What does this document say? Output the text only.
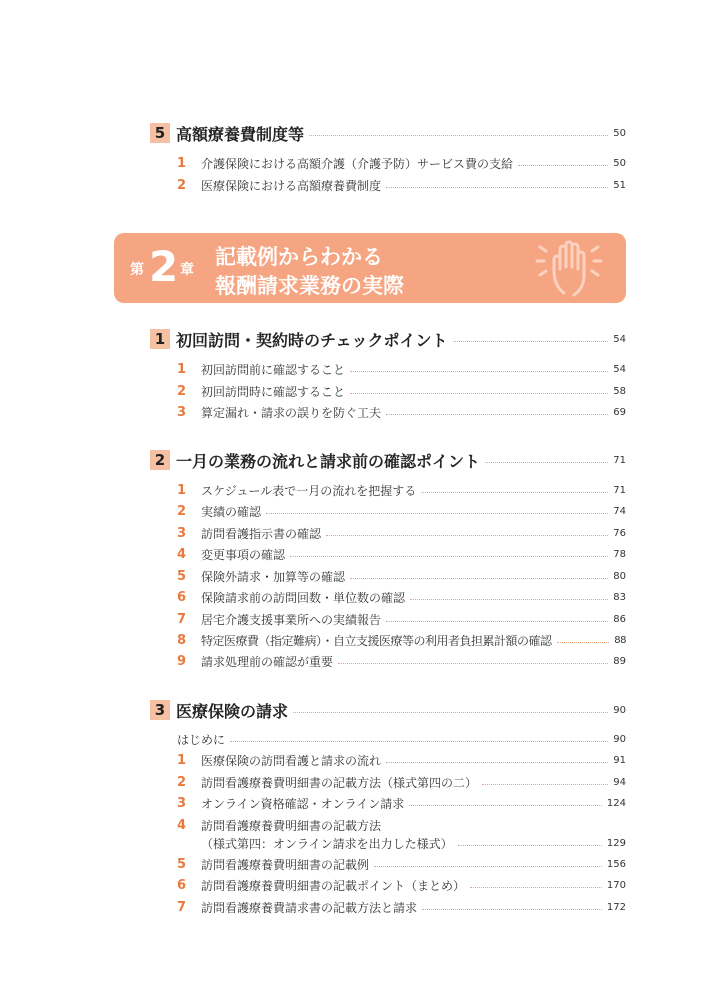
5 高額療養費制度等	50
1	介護保険における高額介護（介護予防）サービス費の支給	50
2	医療保険における高額療養費制度	51
第 2 章
記載例からわかる
報酬請求業務の実際
1 初回訪問・契約時のチェックポイント	54
1	初回訪問前に確認すること	54
2	初回訪問時に確認すること	58
3	算定漏れ・請求の誤りを防ぐ工夫	69
2 一月の業務の流れと請求前の確認ポイント	71
1	スケジュール表で一月の流れを把握する	71
2	実績の確認	74
3	訪問看護指示書の確認	76
4	変更事項の確認	78
5	保険外請求・加算等の確認	80
6	保険請求前の訪問回数・単位数の確認	83
7	居宅介護支援事業所への実績報告	86
8	特定医療費（指定難病）・自立支援医療等の利用者負担累計額の確認	88
9	請求処理前の確認が重要	89
3 医療保険の請求	90
はじめに	90
1	医療保険の訪問看護と請求の流れ	91
2	訪問看護療養費明細書の記載方法（様式第四の二）	94
3	オンライン資格確認・オンライン請求	124
4	訪問看護療養費明細書の記載方法
（様式第四：オンライン請求を出力した様式）	129
5	訪問看護療養費明細書の記載例	156
6	訪問看護療養費明細書の記載ポイント（まとめ）	170
7	訪問看護療養費請求書の記載方法と請求	172
